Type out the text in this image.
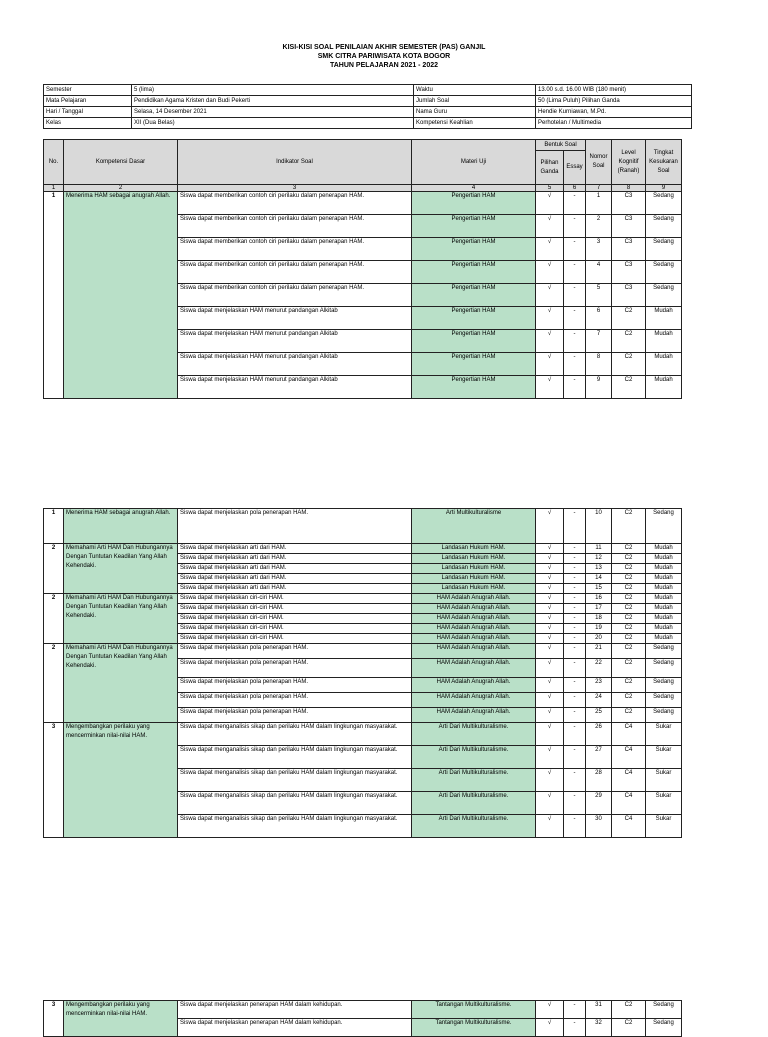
KISI-KISI SOAL PENILAIAN AKHIR SEMESTER (PAS) GANJIL
SMK CITRA PARIWISATA KOTA BOGOR
TAHUN PELAJARAN 2021 - 2022
Semester	5 (lima)	Waktu	13.00 s.d. 16.00 WIB (180 menit)
Mata Pelajaran	Pendidikan Agama Kristen dan Budi Pekerti	Jumlah Soal	50 (Lima Puluh) Pilihan Ganda
Hari / Tanggal	Selasa, 14 Desember 2021	Nama Guru	Hendie Kurniawan, M.Pd.
Kelas	XII (Dua Belas)	Kompetensi Keahlian	Perhotelan / Multimedia
No.	Kompetensi Dasar	Indikator Soal	Materi Uji	Bentuk Soal		Nomor Soal	Level Kognitif (Ranah)	Tingkat Kesukaran Soal
				Pilihan Ganda	Essay			
1	2	3	4	5	6	7	8	9
1	Menerima HAM sebagai anugrah Allah.	Siswa dapat memberikan contoh ciri perilaku dalam penerapan HAM.	Pengertian HAM	√	-	1	C3	Sedang
		Siswa dapat memberikan contoh ciri perilaku dalam penerapan HAM.	Pengertian HAM	√	-	2	C3	Sedang
		Siswa dapat memberikan contoh ciri perilaku dalam penerapan HAM.	Pengertian HAM	√	-	3	C3	Sedang
		Siswa dapat memberikan contoh ciri perilaku dalam penerapan HAM.	Pengertian HAM	√	-	4	C3	Sedang
		Siswa dapat memberikan contoh ciri perilaku dalam penerapan HAM.	Pengertian HAM	√	-	5	C3	Sedang
		Siswa dapat menjelaskan HAM menurut pandangan Alkitab	Pengertian HAM	√	-	6	C2	Mudah
		Siswa dapat menjelaskan HAM menurut pandangan Alkitab	Pengertian HAM	√	-	7	C2	Mudah
		Siswa dapat menjelaskan HAM menurut pandangan Alkitab	Pengertian HAM	√	-	8	C2	Mudah
		Siswa dapat menjelaskan HAM menurut pandangan Alkitab	Pengertian HAM	√	-	9	C2	Mudah
1	Menerima HAM sebagai anugrah Allah.	Siswa dapat menjelaskan pola penerapan HAM.	Arti Multikulturalisme	√	-	10	C2	Sedang
2	Memahami Arti HAM Dan Hubungannya Dengan Tuntutan Keadilan Yang Allah Kehendaki.	Siswa dapat menjelaskan arti dari HAM.	Landasan Hukum HAM.	√	-	11	C2	Mudah
		Siswa dapat menjelaskan arti dari HAM.	Landasan Hukum HAM.	√	-	12	C2	Mudah
		Siswa dapat menjelaskan arti dari HAM.	Landasan Hukum HAM.	√	-	13	C2	Mudah
		Siswa dapat menjelaskan arti dari HAM.	Landasan Hukum HAM.	√	-	14	C2	Mudah
		Siswa dapat menjelaskan arti dari HAM.	Landasan Hukum HAM.	√	-	15	C2	Mudah
2	Memahami Arti HAM Dan Hubungannya Dengan Tuntutan Keadilan Yang Allah Kehendaki.	Siswa dapat menjelaskan ciri-ciri HAM.	HAM Adalah Anugrah Allah.	√	-	16	C2	Mudah
		Siswa dapat menjelaskan ciri-ciri HAM.	HAM Adalah Anugrah Allah.	√	-	17	C2	Mudah
		Siswa dapat menjelaskan ciri-ciri HAM.	HAM Adalah Anugrah Allah.	√	-	18	C2	Mudah
		Siswa dapat menjelaskan ciri-ciri HAM.	HAM Adalah Anugrah Allah.	√	-	19	C2	Mudah
		Siswa dapat menjelaskan ciri-ciri HAM.	HAM Adalah Anugrah Allah.	√	-	20	C2	Mudah
2	Memahami Arti HAM Dan Hubungannya Dengan Tuntutan Keadilan Yang Allah Kehendaki.	Siswa dapat menjelaskan pola penerapan HAM.	HAM Adalah Anugrah Allah.	√	-	21	C2	Sedang
		Siswa dapat menjelaskan pola penerapan HAM.	HAM Adalah Anugrah Allah.	√	-	22	C2	Sedang
		Siswa dapat menjelaskan pola penerapan HAM.	HAM Adalah Anugrah Allah.	√	-	23	C2	Sedang
		Siswa dapat menjelaskan pola penerapan HAM.	HAM Adalah Anugrah Allah.	√	-	24	C2	Sedang
		Siswa dapat menjelaskan pola penerapan HAM.	HAM Adalah Anugrah Allah.	√	-	25	C2	Sedang
3	Mengembangkan perilaku yang mencerminkan nilai-nilai HAM.	Siswa dapat menganalisis sikap dan perilaku HAM dalam lingkungan masyarakat.	Arti Dari Multikulturalisme.	√	-	26	C4	Sukar
		Siswa dapat menganalisis sikap dan perilaku HAM dalam lingkungan masyarakat.	Arti Dari Multikulturalisme.	√	-	27	C4	Sukar
		Siswa dapat menganalisis sikap dan perilaku HAM dalam lingkungan masyarakat.	Arti Dari Multikulturalisme.	√	-	28	C4	Sukar
		Siswa dapat menganalisis sikap dan perilaku HAM dalam lingkungan masyarakat.	Arti Dari Multikulturalisme.	√	-	29	C4	Sukar
		Siswa dapat menganalisis sikap dan perilaku HAM dalam lingkungan masyarakat.	Arti Dari Multikulturalisme.	√	-	30	C4	Sukar
3	Mengembangkan perilaku yang mencerminkan nilai-nilai HAM.	Siswa dapat menjelaskan penerapan HAM dalam kehidupan.	Tantangan Multikulturalisme.	√	-	31	C2	Sedang
		Siswa dapat menjelaskan penerapan HAM dalam kehidupan.	Tantangan Multikulturalisme.	√	-	32	C2	Sedang
